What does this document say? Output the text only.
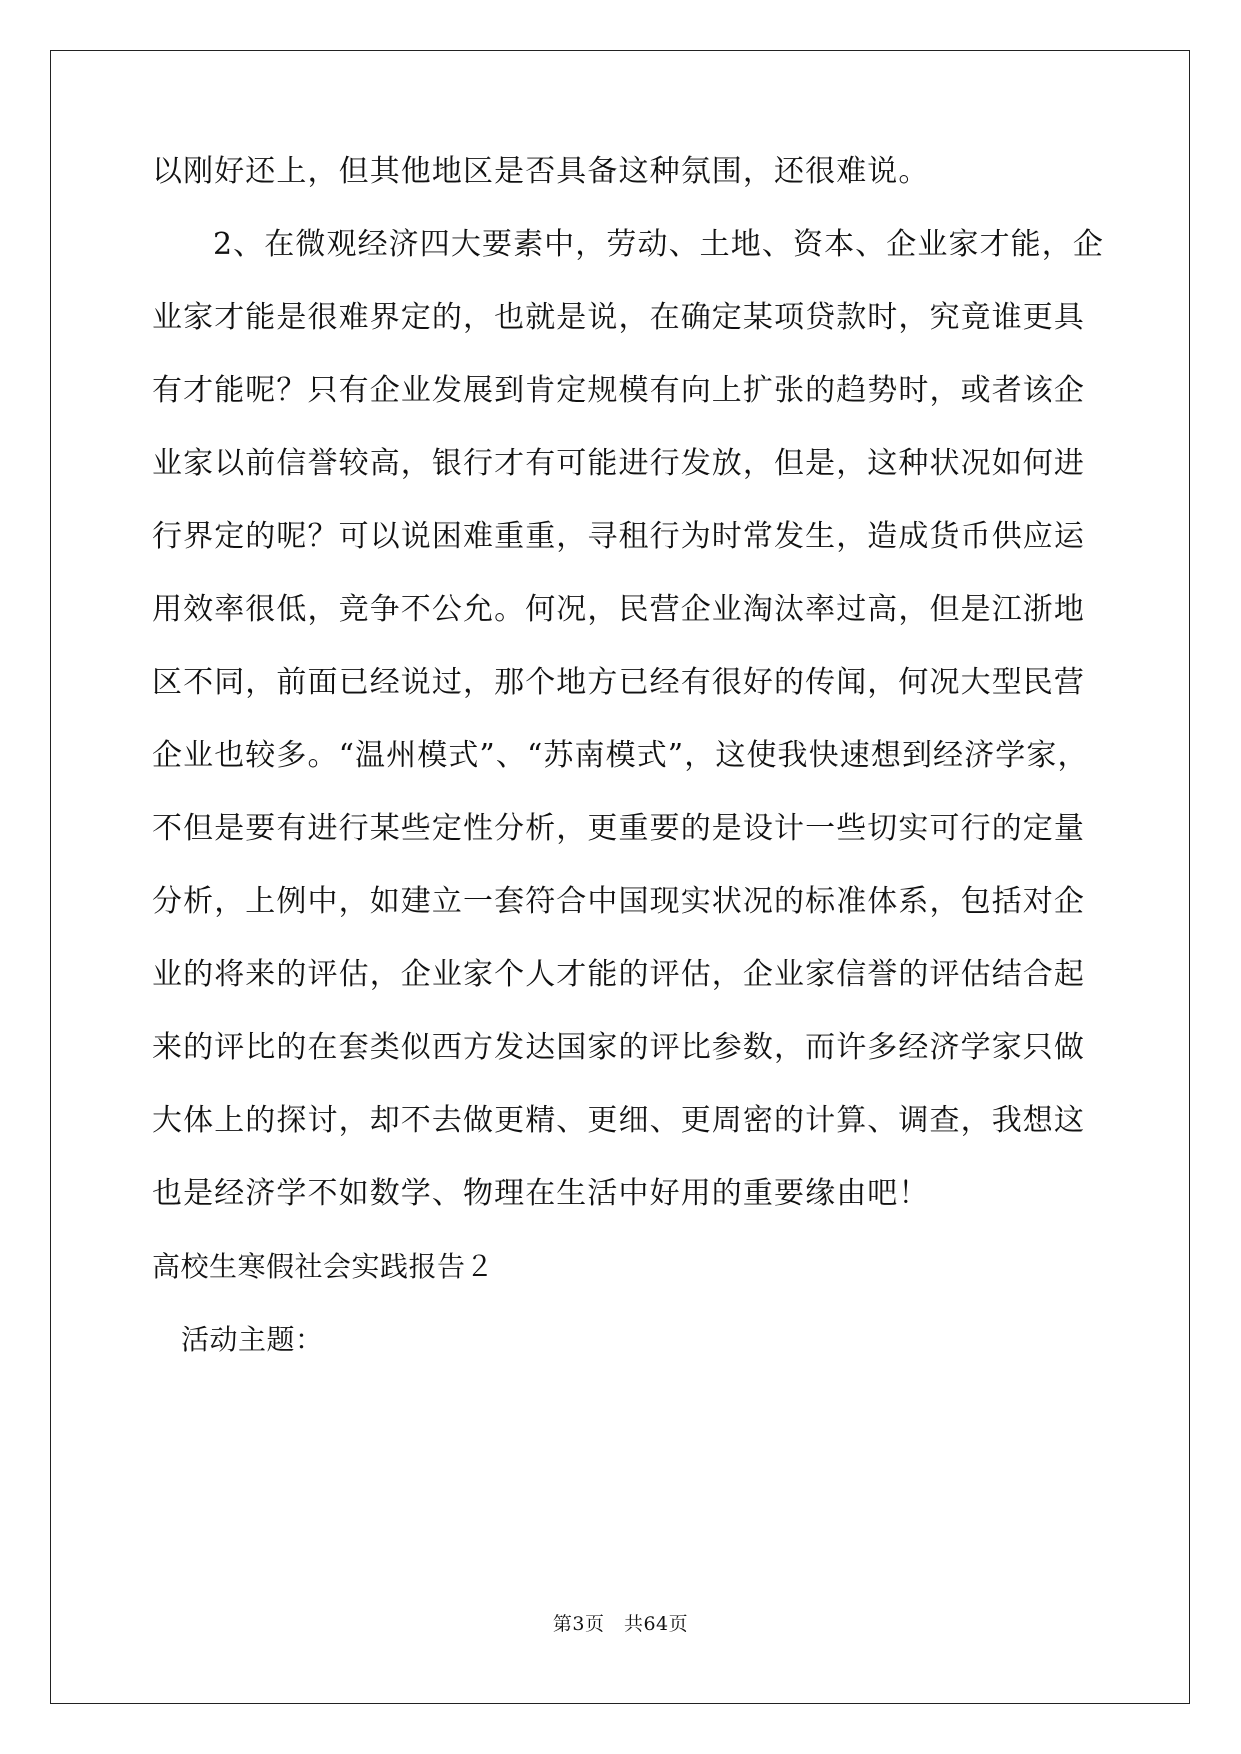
以刚好还上，但其他地区是否具备这种氛围，还很难说。
2、在微观经济四大要素中，劳动、土地、资本、企业家才能，企
业家才能是很难界定的，也就是说，在确定某项贷款时，究竟谁更具
有才能呢？只有企业发展到肯定规模有向上扩张的趋势时，或者该企
业家以前信誉较高，银行才有可能进行发放，但是，这种状况如何进
行界定的呢？可以说困难重重，寻租行为时常发生，造成货币供应运
用效率很低，竞争不公允。何况，民营企业淘汰率过高，但是江浙地
区不同，前面已经说过，那个地方已经有很好的传闻，何况大型民营
企业也较多。“温州模式”、“苏南模式”，这使我快速想到经济学家，
不但是要有进行某些定性分析，更重要的是设计一些切实可行的定量
分析，上例中，如建立一套符合中国现实状况的标准体系，包括对企
业的将来的评估，企业家个人才能的评估，企业家信誉的评估结合起
来的评比的在套类似西方发达国家的评比参数，而许多经济学家只做
大体上的探讨，却不去做更精、更细、更周密的计算、调查，我想这
也是经济学不如数学、物理在生活中好用的重要缘由吧！
高校生寒假社会实践报告２
活动主题：
第3页　共64页
